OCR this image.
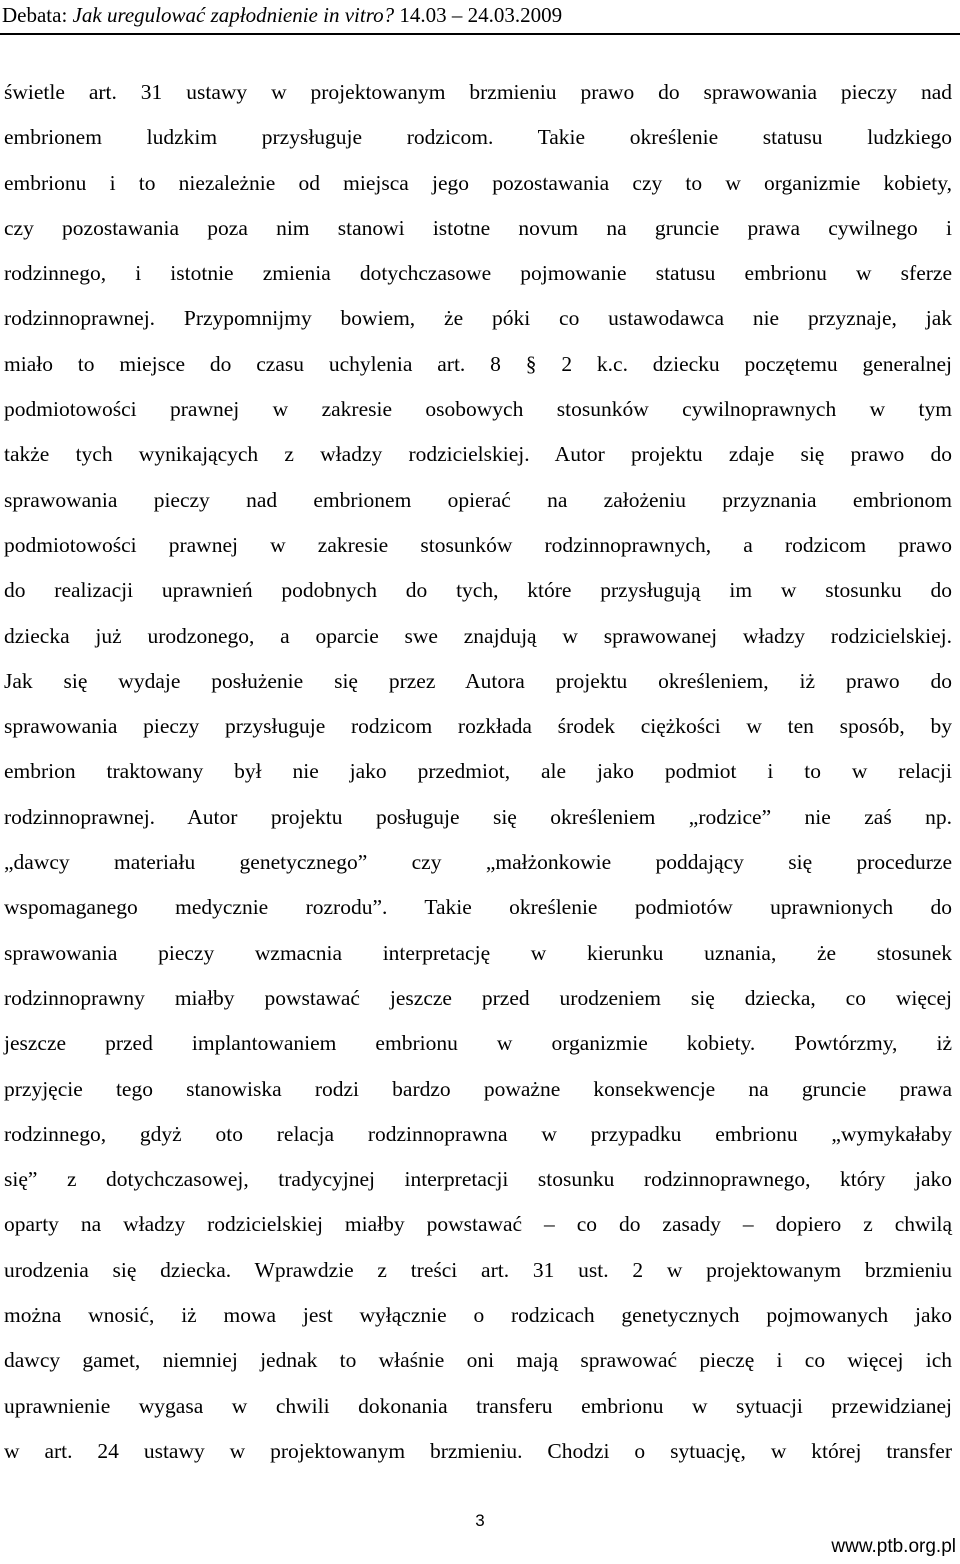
Debata: Jak uregulować zapłodnienie in vitro? 14.03 – 24.03.2009
świetle art. 31 ustawy w projektowanym brzmieniu prawo do sprawowania pieczy nad
embrionem ludzkim przysługuje rodzicom. Takie określenie statusu ludzkiego
embrionu i to niezależnie od miejsca jego pozostawania czy to w organizmie kobiety,
czy pozostawania poza nim stanowi istotne novum na gruncie prawa cywilnego i
rodzinnego, i istotnie zmienia dotychczasowe pojmowanie statusu embrionu w sferze
rodzinnoprawnej. Przypomnijmy bowiem, że póki co ustawodawca nie przyznaje, jak
miało to miejsce do czasu uchylenia art. 8 § 2 k.c. dziecku poczętemu generalnej
podmiotowości prawnej w zakresie osobowych stosunków cywilnoprawnych w tym
także tych wynikających z władzy rodzicielskiej. Autor projektu zdaje się prawo do
sprawowania pieczy nad embrionem opierać na założeniu przyznania embrionom
podmiotowości prawnej w zakresie stosunków rodzinnoprawnych, a rodzicom prawo
do realizacji uprawnień podobnych do tych, które przysługują im w stosunku do
dziecka już urodzonego, a oparcie swe znajdują w sprawowanej władzy rodzicielskiej.
Jak się wydaje posłużenie się przez Autora projektu określeniem, iż prawo do
sprawowania pieczy przysługuje rodzicom rozkłada środek ciężkości w ten sposób, by
embrion traktowany był nie jako przedmiot, ale jako podmiot i to w relacji
rodzinnoprawnej. Autor projektu posługuje się określeniem „rodzice” nie zaś np.
„dawcy materiału genetycznego” czy „małżonkowie poddający się procedurze
wspomaganego medycznie rozrodu”. Takie określenie podmiotów uprawnionych do
sprawowania pieczy wzmacnia interpretację w kierunku uznania, że stosunek
rodzinnoprawny miałby powstawać jeszcze przed urodzeniem się dziecka, co więcej
jeszcze przed implantowaniem embrionu w organizmie kobiety. Powtórzmy, iż
przyjęcie tego stanowiska rodzi bardzo poważne konsekwencje na gruncie prawa
rodzinnego, gdyż oto relacja rodzinnoprawna w przypadku embrionu „wymykałaby
się” z dotychczasowej, tradycyjnej interpretacji stosunku rodzinnoprawnego, który jako
oparty na władzy rodzicielskiej miałby powstawać – co do zasady – dopiero z chwilą
urodzenia się dziecka. Wprawdzie z treści art. 31 ust. 2 w projektowanym brzmieniu
można wnosić, iż mowa jest wyłącznie o rodzicach genetycznych pojmowanych jako
dawcy gamet, niemniej jednak to właśnie oni mają sprawować pieczę i co więcej ich
uprawnienie wygasa w chwili dokonania transferu embrionu w sytuacji przewidzianej
w art. 24 ustawy w projektowanym brzmieniu. Chodzi o sytuację, w której transfer
3
www.ptb.org.pl
